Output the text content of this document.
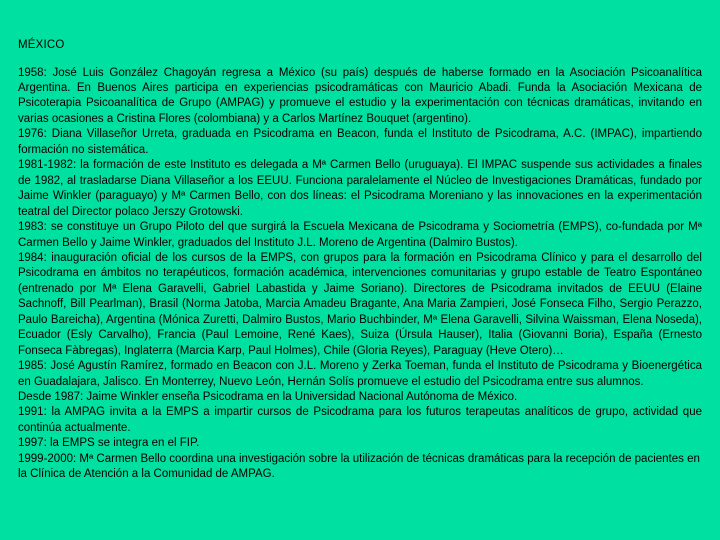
MÉXICO

1958: José Luis González Chagoyán regresa a México (su país) después de haberse formado en la Asociación Psicoanalítica Argentina. En Buenos Aires participa en experiencias psicodramáticas con Mauricio Abadi. Funda la Asociación Mexicana de Psicoterapia Psicoanalítica de Grupo (AMPAG) y promueve el estudio y la experimentación con técnicas dramáticas, invitando en varias ocasiones a Cristina Flores (colombiana) y a Carlos Martínez Bouquet (argentino).

1976: Diana Villaseñor Urreta, graduada en Psicodrama en Beacon, funda el Instituto de Psicodrama, A.C. (IMPAC), impartiendo formación no sistemática.

1981-1982: la formación de este Instituto es delegada a Mª Carmen Bello (uruguaya). El IMPAC suspende sus actividades a finales de 1982, al trasladarse Diana Villaseñor a los EEUU. Funciona paralelamente el Núcleo de Investigaciones Dramáticas, fundado por Jaime Winkler (paraguayo) y Mª Carmen Bello, con dos líneas: el Psicodrama Moreniano y las innovaciones en la experimentación teatral del Director polaco Jerszy Grotowski.

1983: se constituye un Grupo Piloto del que surgirá la Escuela Mexicana de Psicodrama y Sociometría (EMPS), co-fundada por Mª Carmen Bello y Jaime Winkler, graduados del Instituto J.L. Moreno de Argentina (Dalmiro Bustos).

1984: inauguración oficial de los cursos de la EMPS, con grupos para la formación en Psicodrama Clínico y para el desarrollo del Psicodrama en ámbitos no terapéuticos, formación académica, intervenciones comunitarias y grupo estable de Teatro Espontáneo (entrenado por Mª Elena Garavelli, Gabriel Labastida y Jaime Soriano). Directores de Psicodrama invitados de EEUU (Elaine Sachnoff, Bill Pearlman), Brasil (Norma Jatoba, Marcia Amadeu Bragante, Ana Maria Zampieri, José Fonseca Filho, Sergio Perazzo, Paulo Bareicha), Argentina (Mónica Zuretti, Dalmiro Bustos, Mario Buchbinder, Mª Elena Garavelli, Silvina Waissman, Elena Noseda), Ecuador (Esly Carvalho), Francia (Paul Lemoine, René Kaes), Suiza (Úrsula Hauser), Italia (Giovanni Boria), España (Ernesto Fonseca Fàbregas), Inglaterra (Marcia Karp, Paul Holmes), Chile (Gloria Reyes), Paraguay (Heve Otero)…

1985: José Agustín Ramírez, formado en Beacon con J.L. Moreno y Zerka Toeman, funda el Instituto de Psicodrama y Bioenergética en Guadalajara, Jalisco. En Monterrey, Nuevo León, Hernán Solís promueve el estudio del Psicodrama entre sus alumnos.

Desde 1987: Jaime Winkler enseña Psicodrama en la Universidad Nacional Autónoma de México.

1991: la AMPAG invita a la EMPS a impartir cursos de Psicodrama para los futuros terapeutas analíticos de grupo, actividad que continúa actualmente.

1997: la EMPS se integra en el FIP.

1999-2000: Mª Carmen Bello coordina una investigación sobre la utilización de técnicas dramáticas para la recepción de pacientes en la Clínica de Atención a la Comunidad de AMPAG.
